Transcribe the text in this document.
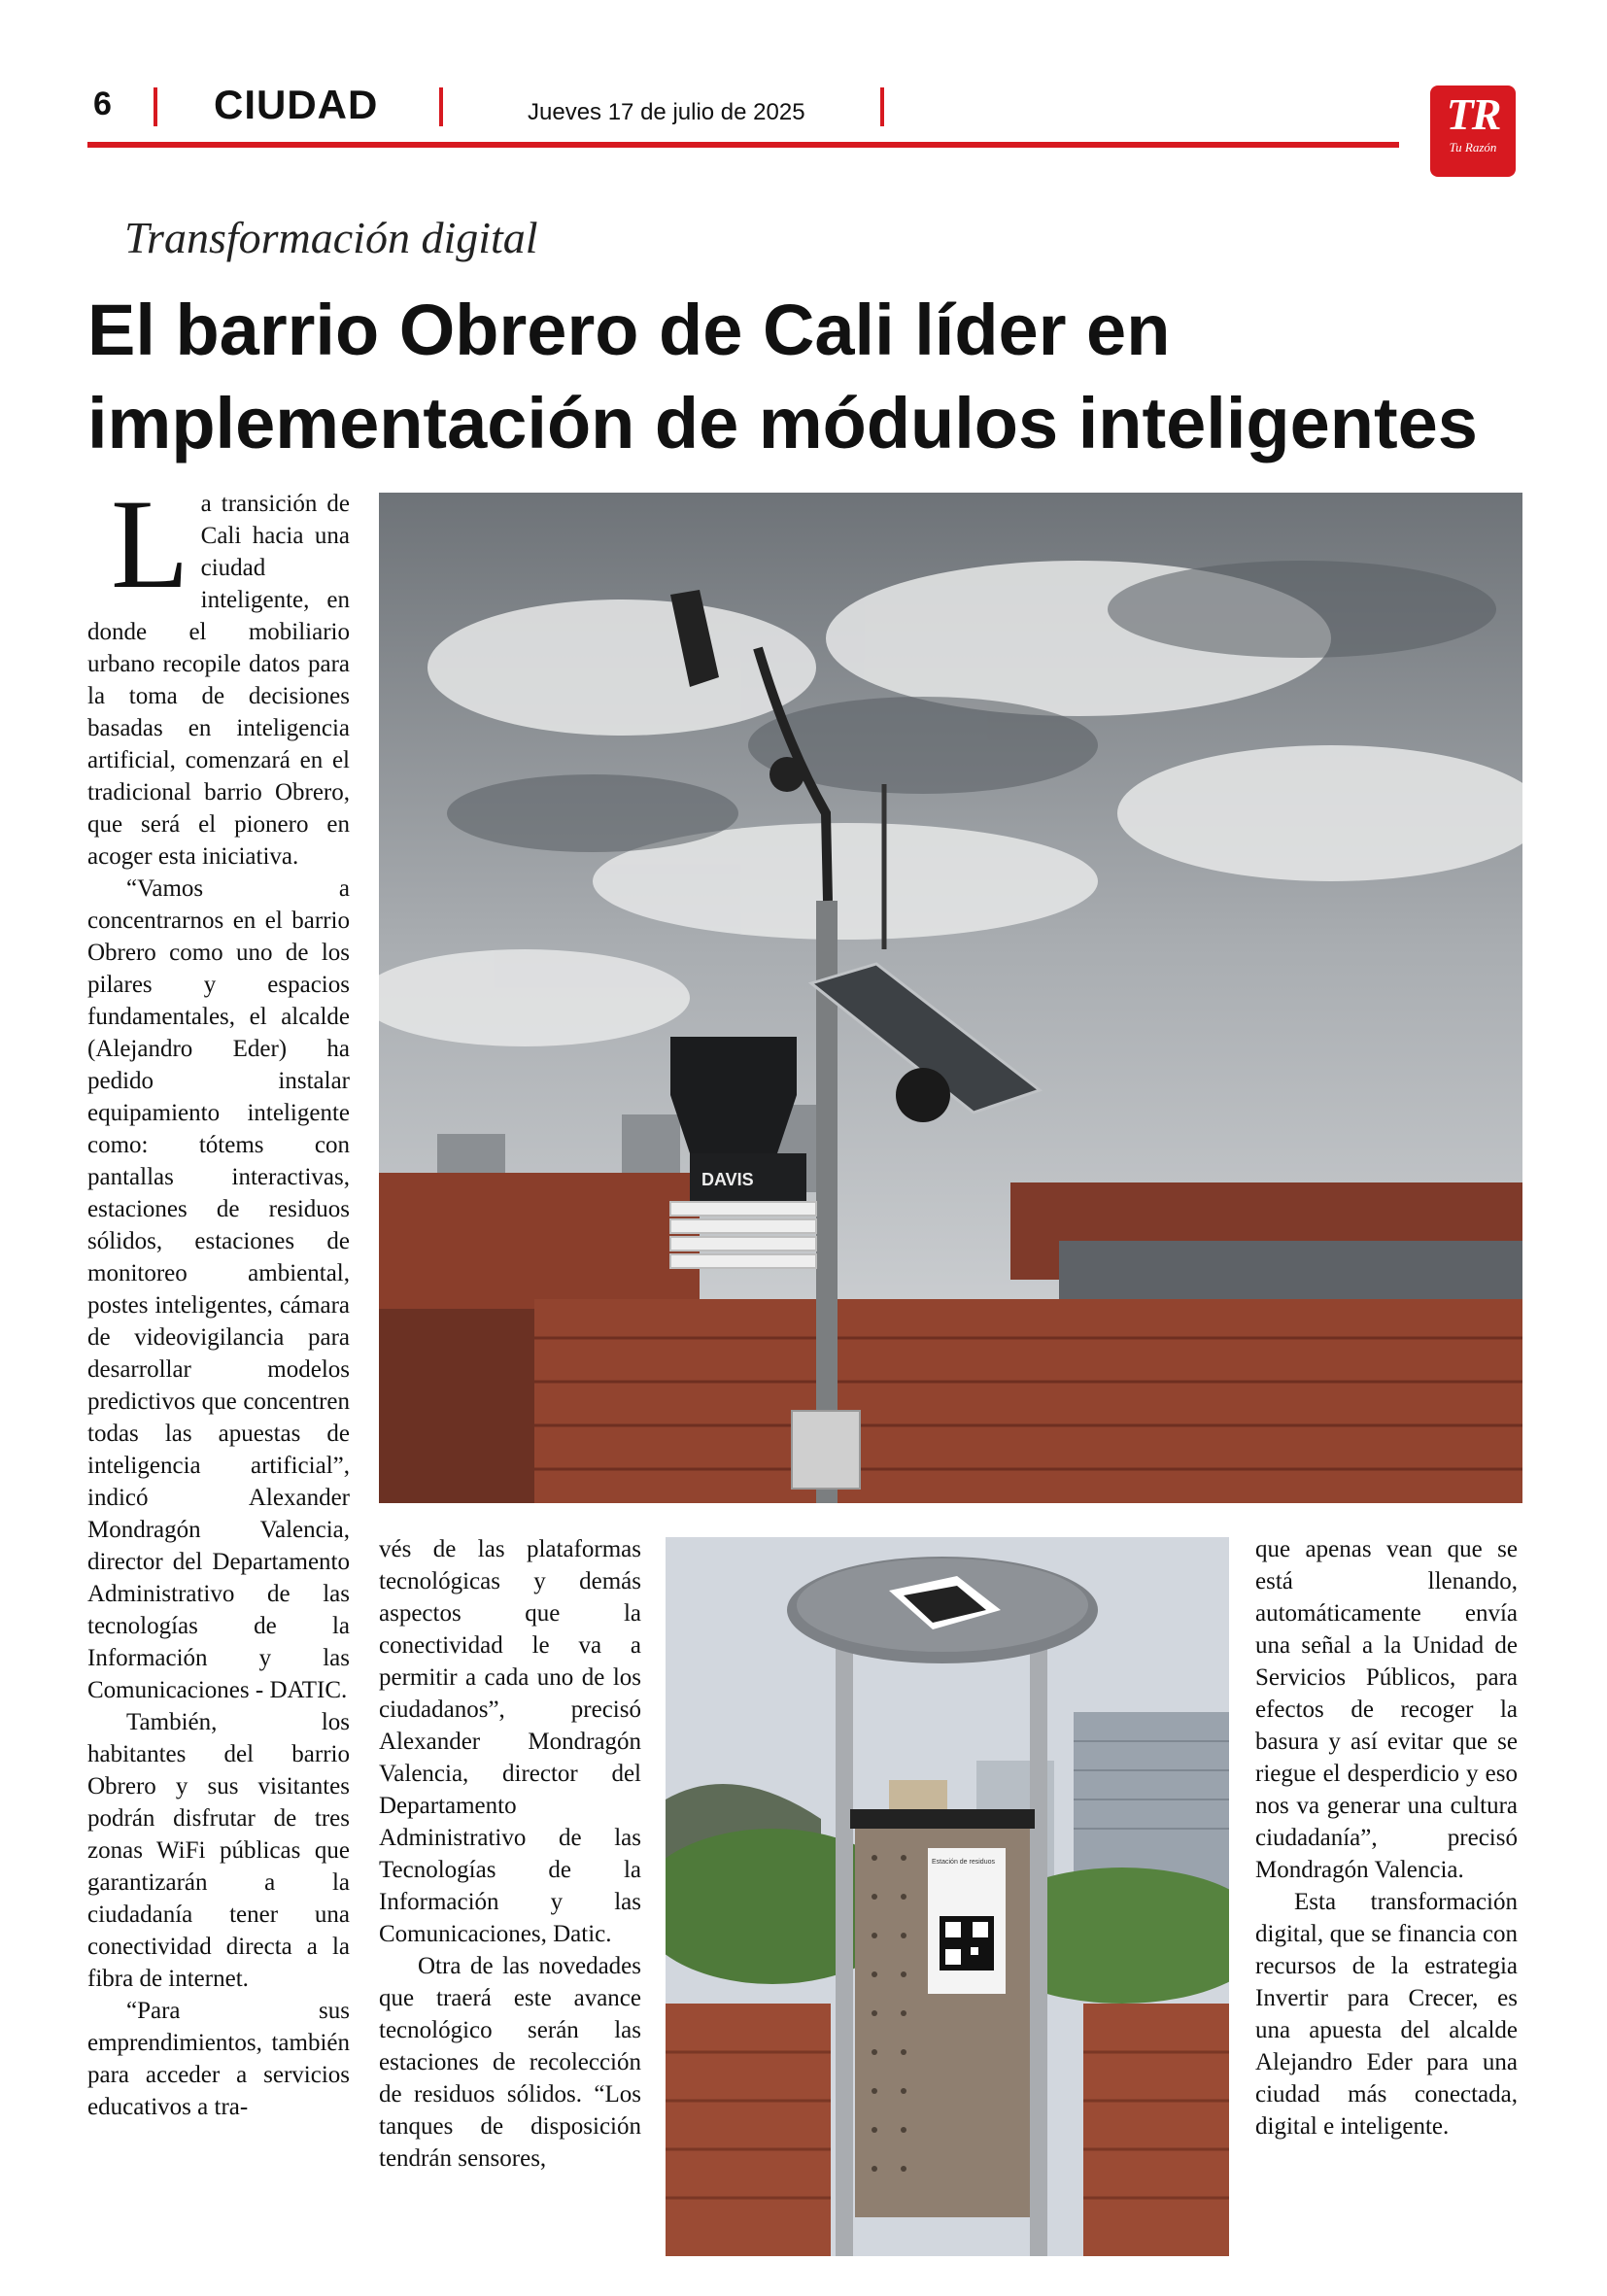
6	CIUDAD	Jueves 17 de julio de 2025	TR
Tu Razón
Transformación digital
El barrio Obrero de Cali líder en implementación de módulos inteligentes

La transición de Cali hacia una ciudad inteligente, en donde el mobiliario urbano recopile datos para la toma de decisiones basadas en inteligencia artificial, comenzará en el tradicional barrio Obrero, que será el pionero en acoger esta iniciativa.

“Vamos a concentrarnos en el barrio Obrero como uno de los pilares y espacios fundamentales, el alcalde (Alejandro Eder) ha pedido instalar equipamiento inteligente como: tótems con pantallas interactivas, estaciones de residuos sólidos, estaciones de monitoreo ambiental, postes inteligentes, cámara de videovigilancia para desarrollar modelos predictivos que concentren todas las apuestas de inteligencia artificial”, indicó Alexander Mondragón Valencia, director del Departamento Administrativo de las tecnologías de la Información y las Comunicaciones - DATIC.

También, los habitantes del barrio Obrero y sus visitantes podrán disfrutar de tres zonas WiFi públicas que garantizarán a la ciudadanía tener una conectividad directa a la fibra de internet.

“Para sus emprendimientos, también para acceder a servicios educativos a tra-

DAVIS

vés de las plataformas tecnológicas y demás aspectos que la conectividad le va a permitir a cada uno de los ciudadanos”, precisó Alexander Mondragón Valencia, director del Departamento Administrativo de las Tecnologías de la Información y las Comunicaciones, Datic.

Otra de las novedades que traerá este avance tecnológico serán las estaciones de recolección de residuos sólidos. “Los tanques de disposición tendrán sensores,

Estación de residuos

que apenas vean que se está llenando, automáticamente envía una señal a la Unidad de Servicios Públicos, para efectos de recoger la basura y así evitar que se riegue el desperdicio y eso nos va generar una cultura ciudadanía”, precisó Mondragón Valencia.

Esta transformación digital, que se financia con recursos de la estrategia Invertir para Crecer, es una apuesta del alcalde Alejandro Eder para una ciudad más conectada, digital e inteligente.
